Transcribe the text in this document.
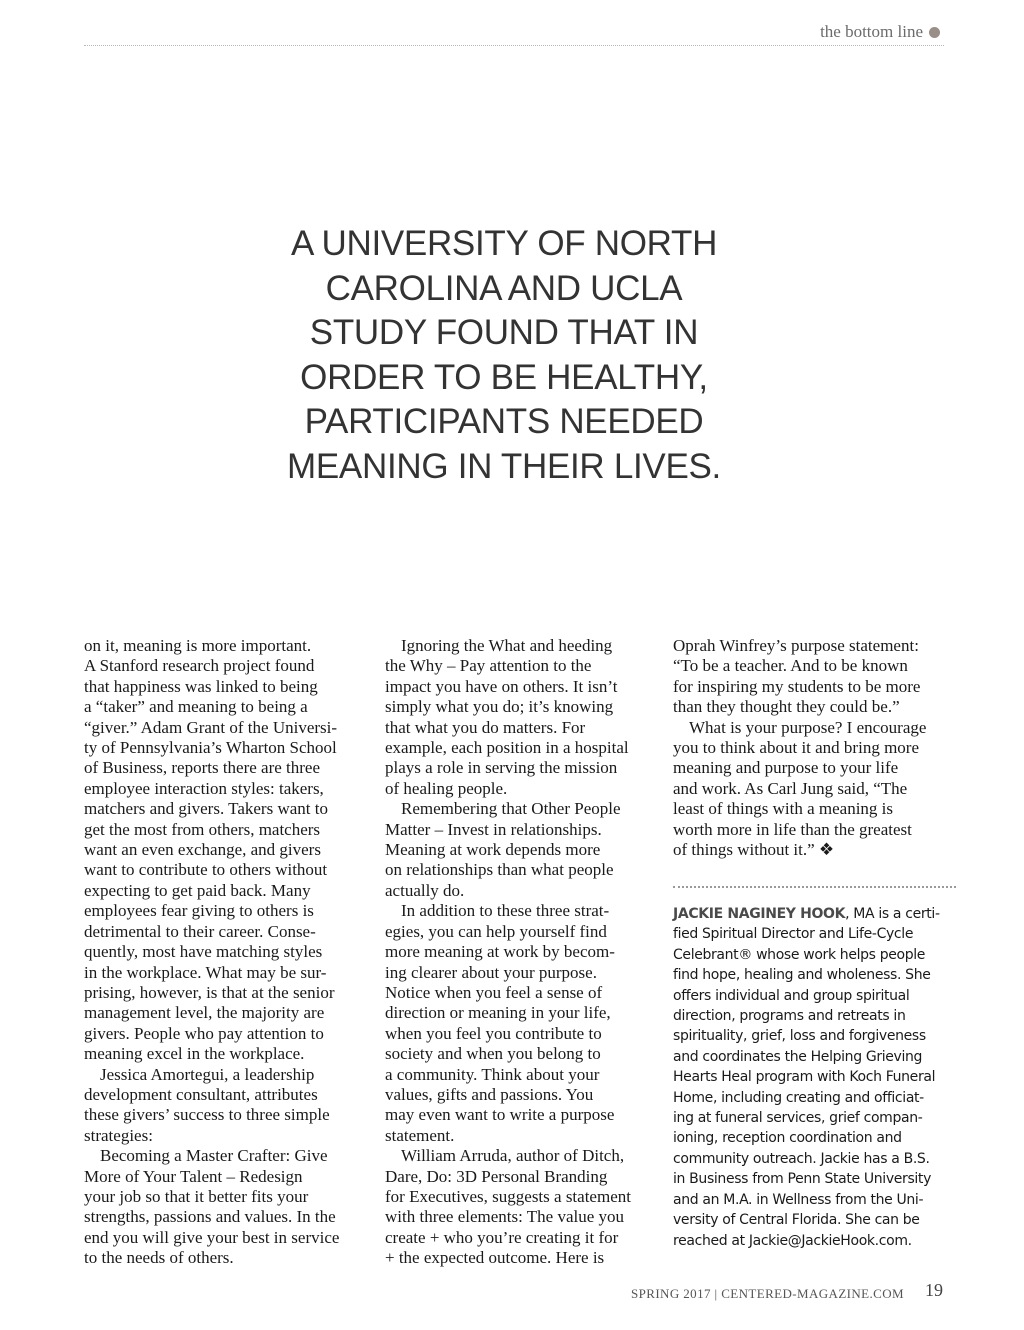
the bottom line
A UNIVERSITY OF NORTH
CAROLINA AND UCLA
STUDY FOUND THAT IN
ORDER TO BE HEALTHY,
PARTICIPANTS NEEDED
MEANING IN THEIR LIVES.
on it, meaning is more important.
A Stanford research project found
that happiness was linked to being
a “taker” and meaning to being a
“giver.” Adam Grant of the Universi-
ty of Pennsylvania’s Wharton School
of Business, reports there are three
employee interaction styles: takers,
matchers and givers. Takers want to
get the most from others, matchers
want an even exchange, and givers
want to contribute to others without
expecting to get paid back. Many
employees fear giving to others is
detrimental to their career. Conse-
quently, most have matching styles
in the workplace. What may be sur-
prising, however, is that at the senior
management level, the majority are
givers. People who pay attention to
meaning excel in the workplace.
Jessica Amortegui, a leadership
development consultant, attributes
these givers’ success to three simple
strategies:
Becoming a Master Crafter: Give
More of Your Talent – Redesign
your job so that it better fits your
strengths, passions and values. In the
end you will give your best in service
to the needs of others.
Ignoring the What and heeding
the Why – Pay attention to the
impact you have on others. It isn’t
simply what you do; it’s knowing
that what you do matters. For
example, each position in a hospital
plays a role in serving the mission
of healing people.
Remembering that Other People
Matter – Invest in relationships.
Meaning at work depends more
on relationships than what people
actually do.
In addition to these three strat-
egies, you can help yourself find
more meaning at work by becom-
ing clearer about your purpose.
Notice when you feel a sense of
direction or meaning in your life,
when you feel you contribute to
society and when you belong to
a community. Think about your
values, gifts and passions. You
may even want to write a purpose
statement.
William Arruda, author of Ditch,
Dare, Do: 3D Personal Branding
for Executives, suggests a statement
with three elements: The value you
create + who you’re creating it for
+ the expected outcome. Here is
Oprah Winfrey’s purpose statement:
“To be a teacher. And to be known
for inspiring my students to be more
than they thought they could be.”
What is your purpose? I encourage
you to think about it and bring more
meaning and purpose to your life
and work. As Carl Jung said, “The
least of things with a meaning is
worth more in life than the greatest
of things without it.” ❖
JACKIE NAGINEY HOOK, MA is a certi-
fied Spiritual Director and Life-Cycle
Celebrant® whose work helps people
find hope, healing and wholeness. She
offers individual and group spiritual
direction, programs and retreats in
spirituality, grief, loss and forgiveness
and coordinates the Helping Grieving
Hearts Heal program with Koch Funeral
Home, including creating and officiat-
ing at funeral services, grief compan-
ioning, reception coordination and
community outreach. Jackie has a B.S.
in Business from Penn State University
and an M.A. in Wellness from the Uni-
versity of Central Florida. She can be
reached at Jackie@JackieHook.com.
SPRING 2017 | CENTERED-MAGAZINE.COM 19
